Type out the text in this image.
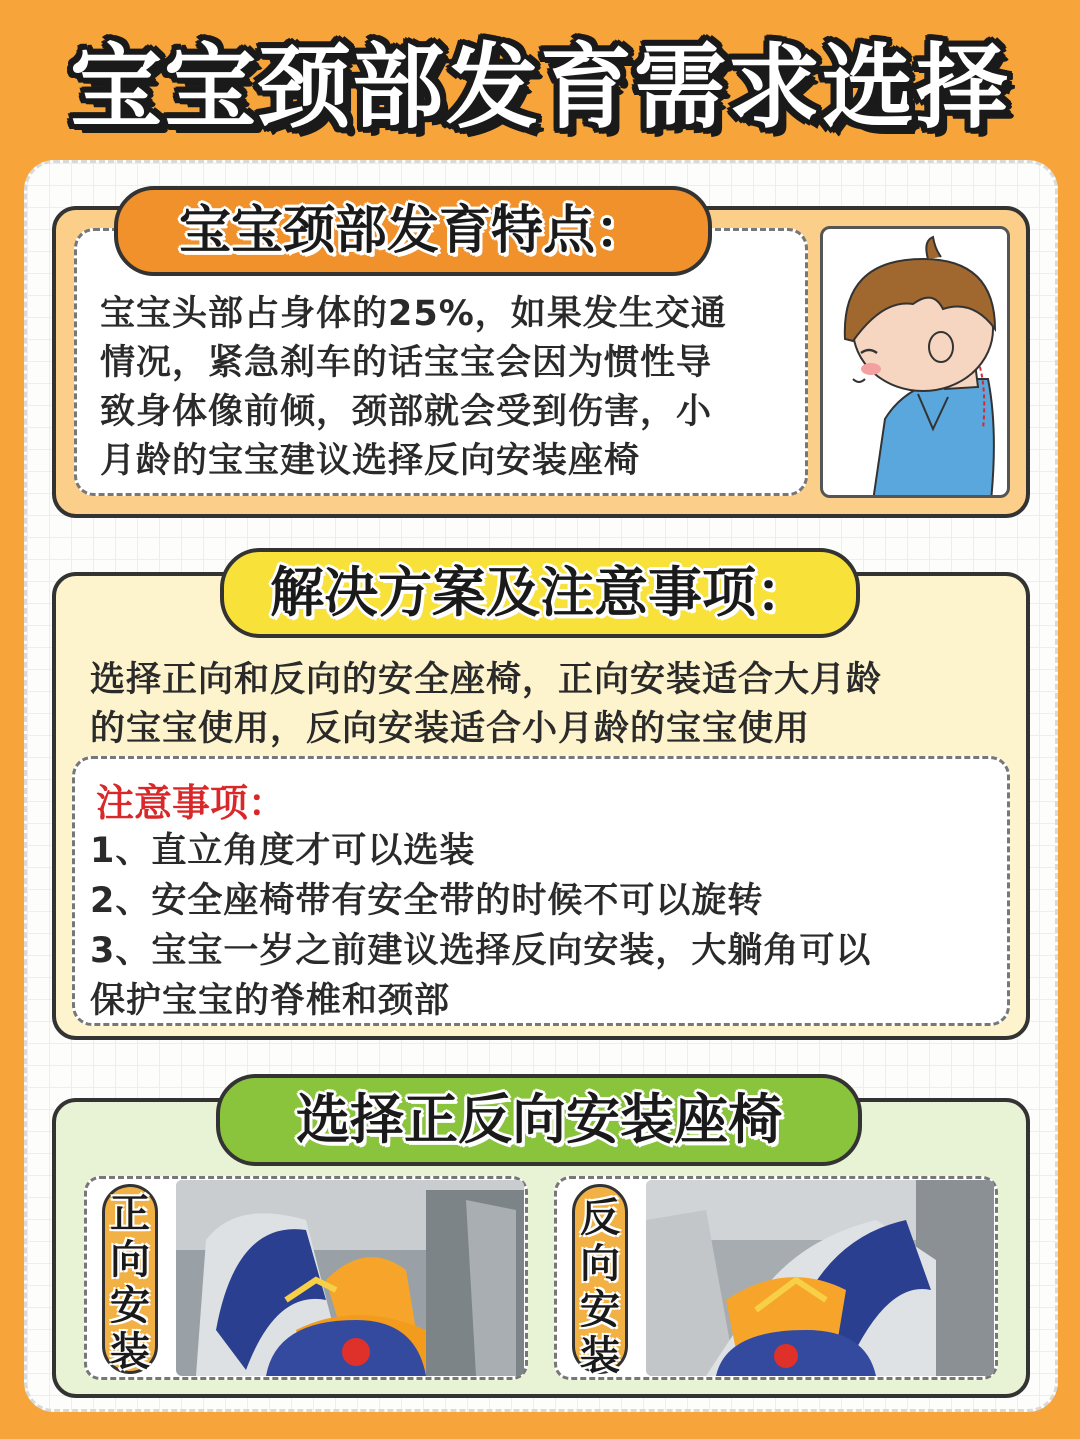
宝宝颈部发育需求选择
宝宝颈部发育特点：
宝宝头部占身体的25%，如果发生交通
情况，紧急刹车的话宝宝会因为惯性导
致身体像前倾，颈部就会受到伤害，小
月龄的宝宝建议选择反向安装座椅
解决方案及注意事项：
选择正向和反向的安全座椅，正向安装适合大月龄
的宝宝使用，反向安装适合小月龄的宝宝使用
注意事项：
1、直立角度才可以选装
2、安全座椅带有安全带的时候不可以旋转
3、宝宝一岁之前建议选择反向安装，大躺角可以
保护宝宝的脊椎和颈部
选择正反向安装座椅
正
向
安
装
反
向
安
装
